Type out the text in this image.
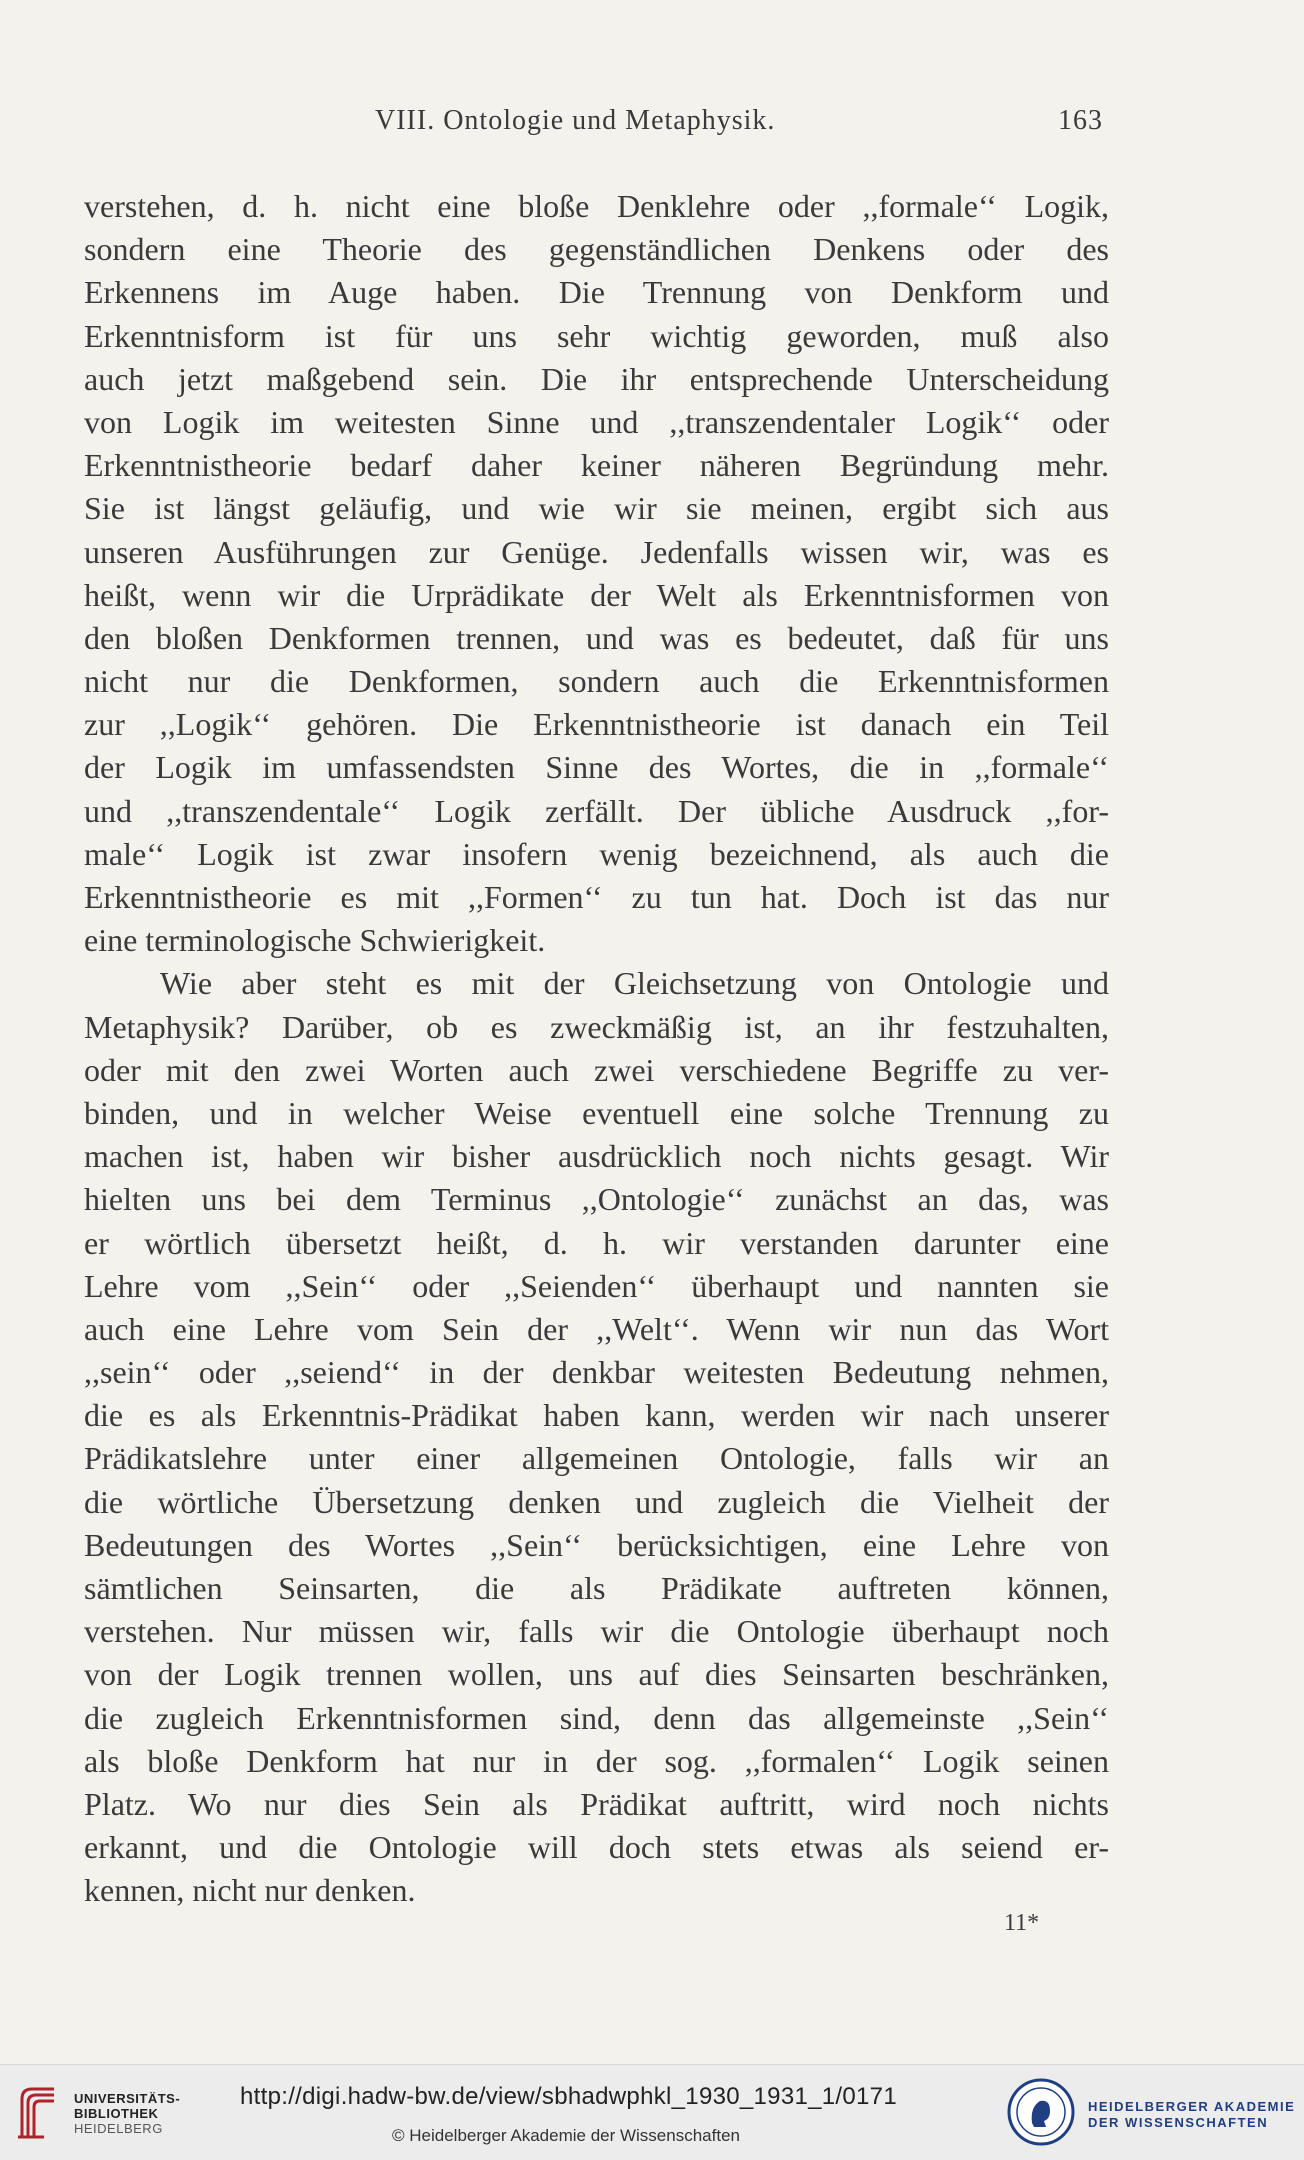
VIII. Ontologie und Metaphysik.	163
verstehen, d. h. nicht eine bloße Denklehre oder ,,formale‘‘ Logik,
sondern eine Theorie des gegenständlichen Denkens oder des
Erkennens im Auge haben. Die Trennung von Denkform und
Erkenntnisform ist für uns sehr wichtig geworden, muß also
auch jetzt maßgebend sein. Die ihr entsprechende Unterscheidung
von Logik im weitesten Sinne und ,,transzendentaler Logik‘‘ oder
Erkenntnistheorie bedarf daher keiner näheren Begründung mehr.
Sie ist längst geläufig, und wie wir sie meinen, ergibt sich aus
unseren Ausführungen zur Genüge. Jedenfalls wissen wir, was es
heißt, wenn wir die Urprädikate der Welt als Erkenntnisformen von
den bloßen Denkformen trennen, und was es bedeutet, daß für uns
nicht nur die Denkformen, sondern auch die Erkenntnisformen
zur ,,Logik‘‘ gehören. Die Erkenntnistheorie ist danach ein Teil
der Logik im umfassendsten Sinne des Wortes, die in ,,formale‘‘
und ,,transzendentale‘‘ Logik zerfällt. Der übliche Ausdruck ,,for-
male‘‘ Logik ist zwar insofern wenig bezeichnend, als auch die
Erkenntnistheorie es mit ,,Formen‘‘ zu tun hat. Doch ist das nur
eine terminologische Schwierigkeit.
Wie aber steht es mit der Gleichsetzung von Ontologie und
Metaphysik? Darüber, ob es zweckmäßig ist, an ihr festzuhalten,
oder mit den zwei Worten auch zwei verschiedene Begriffe zu ver-
binden, und in welcher Weise eventuell eine solche Trennung zu
machen ist, haben wir bisher ausdrücklich noch nichts gesagt. Wir
hielten uns bei dem Terminus ,,Ontologie‘‘ zunächst an das, was
er wörtlich übersetzt heißt, d. h. wir verstanden darunter eine
Lehre vom ,,Sein‘‘ oder ,,Seienden‘‘ überhaupt und nannten sie
auch eine Lehre vom Sein der ,,Welt‘‘. Wenn wir nun das Wort
,,sein‘‘ oder ,,seiend‘‘ in der denkbar weitesten Bedeutung nehmen,
die es als Erkenntnis-Prädikat haben kann, werden wir nach unserer
Prädikatslehre unter einer allgemeinen Ontologie, falls wir an
die wörtliche Übersetzung denken und zugleich die Vielheit der
Bedeutungen des Wortes ,,Sein‘‘ berücksichtigen, eine Lehre von
sämtlichen Seinsarten, die als Prädikate auftreten können,
verstehen. Nur müssen wir, falls wir die Ontologie überhaupt noch
von der Logik trennen wollen, uns auf dies Seinsarten beschränken,
die zugleich Erkenntnisformen sind, denn das allgemeinste ,,Sein‘‘
als bloße Denkform hat nur in der sog. ,,formalen‘‘ Logik seinen
Platz. Wo nur dies Sein als Prädikat auftritt, wird noch nichts
erkannt, und die Ontologie will doch stets etwas als seiend er-
kennen, nicht nur denken.
11*
UNIVERSITÄTS-
BIBLIOTHEK
HEIDELBERG
http://digi.hadw-bw.de/view/sbhadwphkl_1930_1931_1/0171
© Heidelberger Akademie der Wissenschaften
HEIDELBERGER AKADEMIE
DER WISSENSCHAFTEN
